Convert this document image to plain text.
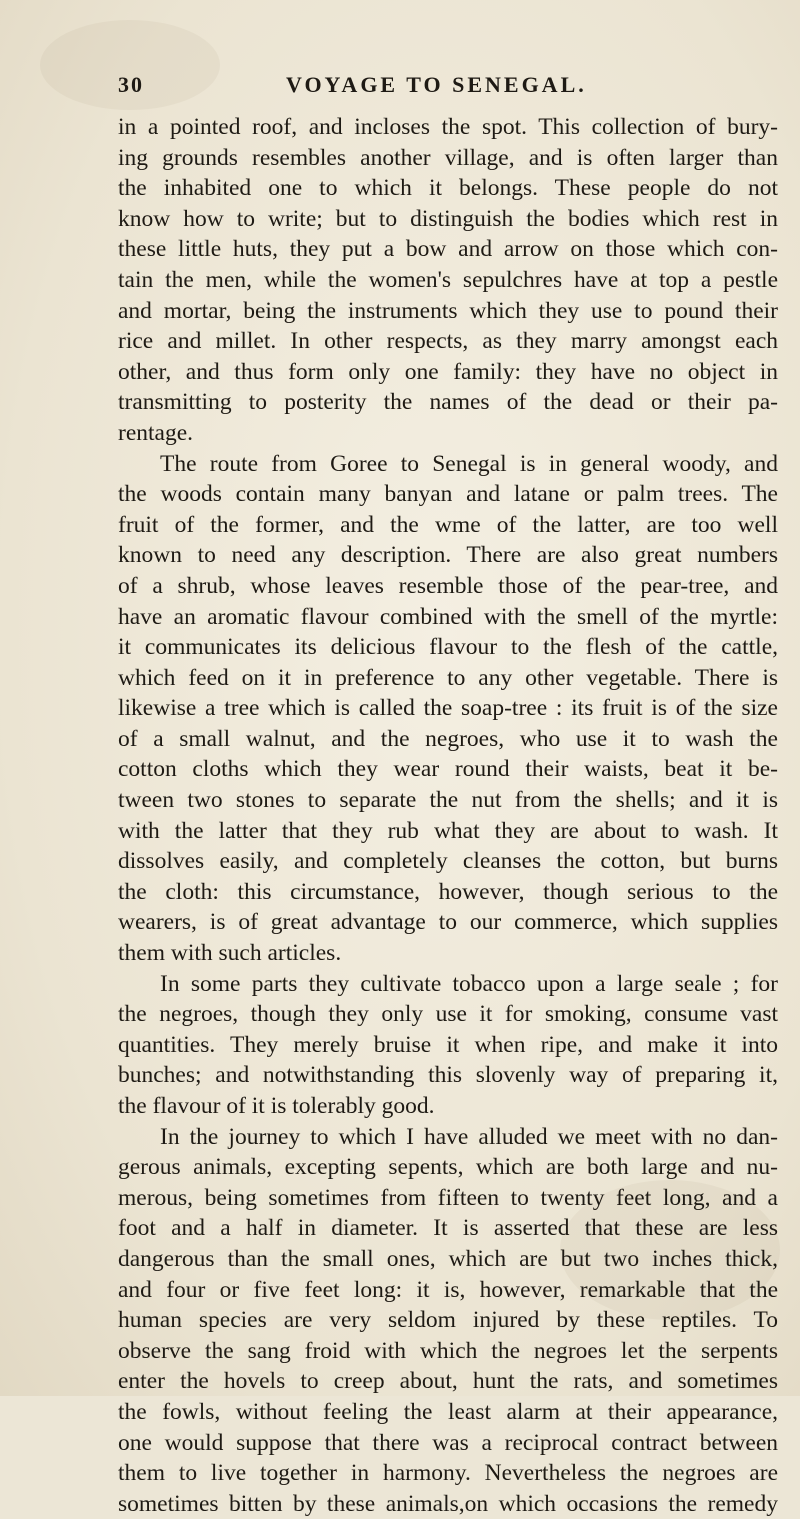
30	VOYAGE TO SENEGAL.
in a pointed roof, and incloses the spot. This collection of bury-
ing grounds resembles another village, and is often larger than
the inhabited one to which it belongs. These people do not
know how to write; but to distinguish the bodies which rest in
these little huts, they put a bow and arrow on those which con-
tain the men, while the women's sepulchres have at top a pestle
and mortar, being the instruments which they use to pound their
rice and millet. In other respects, as they marry amongst each
other, and thus form only one family: they have no object in
transmitting to posterity the names of the dead or their pa-
rentage.
The route from Goree to Senegal is in general woody, and
the woods contain many banyan and latane or palm trees. The
fruit of the former, and the wme of the latter, are too well
known to need any description. There are also great numbers
of a shrub, whose leaves resemble those of the pear-tree, and
have an aromatic flavour combined with the smell of the myrtle:
it communicates its delicious flavour to the flesh of the cattle,
which feed on it in preference to any other vegetable. There is
likewise a tree which is called the soap-tree : its fruit is of the size
of a small walnut, and the negroes, who use it to wash the
cotton cloths which they wear round their waists, beat it be-
tween two stones to separate the nut from the shells; and it is
with the latter that they rub what they are about to wash. It
dissolves easily, and completely cleanses the cotton, but burns
the cloth: this circumstance, however, though serious to the
wearers, is of great advantage to our commerce, which supplies
them with such articles.
In some parts they cultivate tobacco upon a large seale ; for
the negroes, though they only use it for smoking, consume vast
quantities. They merely bruise it when ripe, and make it into
bunches; and notwithstanding this slovenly way of preparing it,
the flavour of it is tolerably good.
In the journey to which I have alluded we meet with no dan-
gerous animals, excepting sepents, which are both large and nu-
merous, being sometimes from fifteen to twenty feet long, and a
foot and a half in diameter. It is asserted that these are less
dangerous than the small ones, which are but two inches thick,
and four or five feet long: it is, however, remarkable that the
human species are very seldom injured by these reptiles. To
observe the sang froid with which the negroes let the serpents
enter the hovels to creep about, hunt the rats, and sometimes
the fowls, without feeling the least alarm at their appearance,
one would suppose that there was a reciprocal contract between
them to live together in harmony. Nevertheless the negroes are
sometimes bitten by these animals,on which occasions the remedy
